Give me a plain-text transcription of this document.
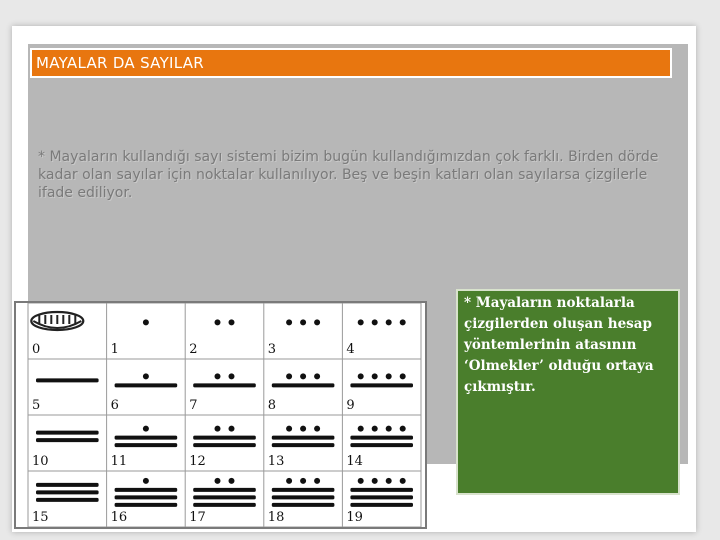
MAYALAR DA SAYILAR
* Mayaların kullandığı sayı sistemi bizim bugün kullandığımızdan çok farklı. Birden dörde kadar olan sayılar için noktalar kullanılıyor. Beş ve beşin katları olan sayılarsa çizgilerle ifade ediliyor.
0	1	2	3	4
5	6	7	8	9
10	11	12	13	14
15	16	17	18	19
* Mayaların noktalarla çizgilerden oluşan hesap yöntemlerinin atasının ‘Olmekler’ olduğu ortaya çıkmıştır.
